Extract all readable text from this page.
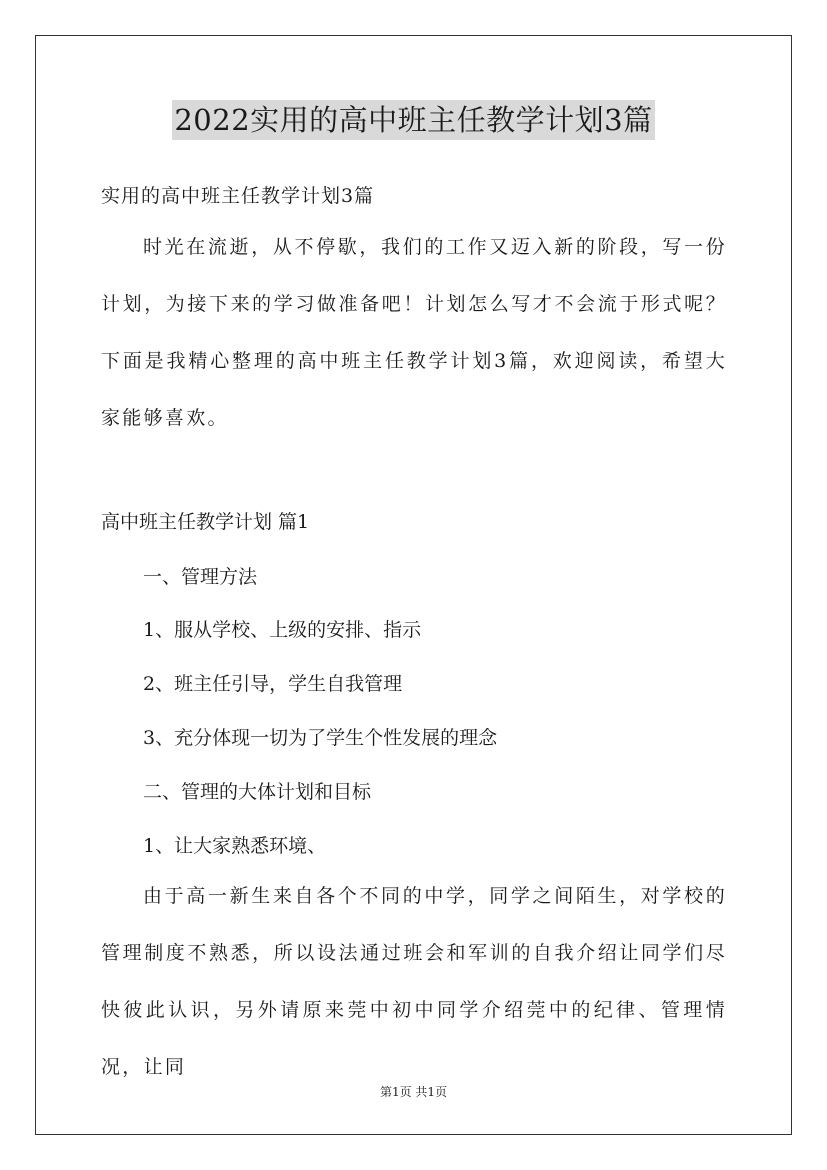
2022实用的高中班主任教学计划3篇
实用的高中班主任教学计划3篇
时光在流逝，从不停歇，我们的工作又迈入新的阶段，写一份计划，为接下来的学习做准备吧！计划怎么写才不会流于形式呢？下面是我精心整理的高中班主任教学计划3篇，欢迎阅读，希望大家能够喜欢。
高中班主任教学计划 篇1
一、管理方法
1、服从学校、上级的安排、指示
2、班主任引导，学生自我管理
3、充分体现一切为了学生个性发展的理念
二、管理的大体计划和目标
1、让大家熟悉环境、
由于高一新生来自各个不同的中学，同学之间陌生，对学校的管理制度不熟悉，所以设法通过班会和军训的自我介绍让同学们尽快彼此认识，另外请原来莞中初中同学介绍莞中的纪律、管理情况，让同
第1页 共1页
